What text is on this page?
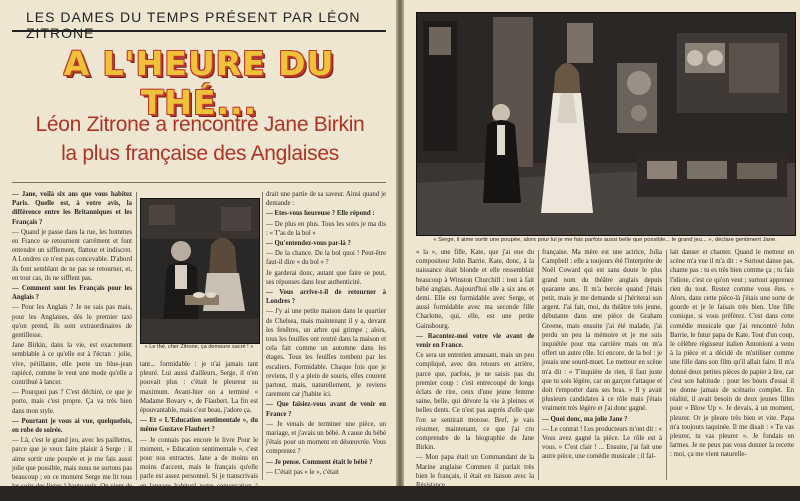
LES DAMES DU TEMPS PRÉSENT PAR LÉON ZITRONE
A L'HEURE DU THÉ...
Léon Zitrone a rencontré Jane Birkin
la plus française des Anglaises

— Jane, voilà six ans que vous habitez Paris. Quelle est, à votre avis, la différence entre les Britanniques et les Français ?

— Quand je passe dans la rue, les hommes en France se retournent carrément et font entendre un sifflement, flatteur et indiscret. A Londres ce n'est pas concevable. D'abord ils font semblant de ne pas se retourner, et, en tout cas, ils ne sifflent pas.

— Comment sont les Français pour les Anglais ?

— Pour les Anglais ? Je ne sais pas mais, pour les Anglaises, dès le premier taxi qu'on prend, ils sont extraordinaires de gentillesse.

Jane Birkin, dans la vie, est exactement semblable à ce qu'elle est à l'écran : jolie, vive, pétillante, elle porte un blue-jean rapiécé, comme le veut une mode qu'elle a contribué à lancer.

— Pourquoi pas ? C'est déchiré, ce que je porte, mais c'est propre. Ça va très bien dans mon style.

— Pourtant je vous ai vue, quelquefois, en robe de soirée.

— Là, c'est le grand jeu, avec les paillettes, parce que je veux faire plaisir à Serge : il aime sortir une poupée et je me fais aussi jolie que possible, mais nous ne sortons pas beaucoup ; en ce moment Serge me lit tous les soirs des livres à haute voix. On vient de terminer « Adolphe », de Benjamin Cons-

« Le thé, cher Zitrone, ça demeure sacré ! »

tant... formidable : je n'ai jamais tant pleuré. Lui aussi d'ailleurs, Serge, il n'en pouvait plus : c'était le pleureur su maximum. Avant-hier on a terminé « Madame Bovary », de Flaubert. La fin est épouvantable, mais c'est beau, j'adore ça.

— Et « L'Education sentimentale », du même Gustave Flaubert ?

— Je connais pas encore le livre Pour le moment, « Education sentimentale », c'est pour nos entractes. Jane a de moins en moins d'accent, mais le français qu'elle parle est assez personnel. Si je transcrivais en langage habituel notre conversation à bâtons rompus, elle per-

drait une partie de sa saveur. Ainsi quand je demande :

— Etes-vous heureuse ? Elle répond :

— De plus en plus. Tous les soirs je ma dis : « T'as de la bol »

— Qu'entendez-vous par-là ?

— De la chance. De la bol quoi ! Peut-être faut-il dire « du bol » ?

Je garderai donc, autant que faire se peut, ses réponses dans leur authenticité.

— Vous arrive-t-il de retourner à Londres ?

— J'y ai une petite maison dans le quartier de Chelsea, mais maintenant il y a, devant les fenêtres, un arbre qui grimpe ; alors, tous les feuilles ont rentré dans la maison et cela fait comme un automne dans les étages. Tous les feuilles tombent par les escaliers. Formidable. Chaque fois que je reviens, il y a plein de souris, elles courent partout, mais, naturellement, je reviens rarement car j'habite ici.

— Que faisiez-vous avant de venir en France ?

— Je venais de terminer une pièce, un mariage, et j'avais un bébé. A cause du bébé j'étais pour un moment en désœuvrée. Vous comprenez ?

— Je pense. Comment était le bébé ?

— C'était pas « le », c'était

« Serge, il aime sortir une poupée, alors pour lui je me fais parfois aussi belle que possible... le grand jeu... », déclare gentiment Jane.

« la », une fille, Kate, que j'ai eue du compositeur John Barrie. Kate, donc, à la naissance était blonde et elle ressemblait beaucoup à Winston Churchill : tout à fait bébé anglais. Aujourd'hui elle a six ans et demi. Elle est formidable avec Serge, et aussi formidable avec ma seconde fille Charlotte, qui, elle, est une petite Gainsbourg.

— Racontez-moi votre vie avant de venir en France.

Ce sera un entretien amusant, mais un peu compliqué, avec des retours en arrière, parce que, parfois, je ne saisis pas du premier coup : c'est entrecoupé de longs éclats de rire, ceux d'une jeune femme saine, belle, qui dévore la vie à pleines et belles dents. Ce n'est pas auprès d'elle que l'on se sentirait morose. Bref, je vais résumer, maintenant, ce que j'ai cru comprendre de la biographie de Jane Birkin.

— Mon papa était un Commandant de la Marine anglaise Commen il parlait très bien le français, il était en liaison avec la Résistance

française. Ma mère est une actrice, Julia Campbell : elle a toujours été l'interprète de Noël Coward qui est sans doute le plus grand nom du théâtre anglais depuis quarante ans. Il m'a bercée quand j'étais petit, mais je me demande si j'hériterai son argent. J'ai fait, moi, du théâtre très jeune, débutante dans une pièce de Graham Greene, mais ensuite j'ai été malade, j'ai perdu un peu la mémoire et je me suis inquiétée pour ma carrière mais on m'a offert un autre rôle. Ici encore, de la bol : je jouais une sourd-muet. Le metteur en scène m'a dit : « T'inquiète de rien, il faut juste que tu sois légère, car un garçon t'attaque et doit t'emporter dans ses bras. » Il y avait plusieurs candidates à ce rôle mais j'étais vraiment très légère et j'ai donc gagné.

— Quoi donc, ma jolie Jane ?

— Le contrat ! Les producteurs m'ont dit : « Vous avez gagné la pièce. Le rôle est à vous. » C'est clair ! ... Ensuite, j'ai fait une autre pièce, une comédie musicale ; il fal-

lait danser et chanter. Quand le metteur en scène m'a vue il m'a dit : « Surtout danse pas, chante pas : tu es très bien comme ça ; tu fais l'idiote, c'est ce qu'on veut ; surtout apprenez rien du tout. Restez comme vous êtes. » Alors, dans cette pièce-là j'étais une sorte de gourde et je le faisais très bien. Une fille comique, si vous préférez. C'est dans cette comédie musicale que j'ai rencontré John Barrie, le futur papa de Kate. Tout d'un coup, le célèbre régisseur italien Antonioni a venu à la pièce et a décidé de m'utiliser comme une fille dans son film qu'il allait faire. Il m'a donné deux petites pièces de papier à lire, car c'est son habitude : pour les bouts d'essai il ne donne jamais de scénario complet. En réalité, il avait besoin de deux jeunes filles pour « Blow Up ». Je devais, à un moment, pleurer. Or je pleure très bien et vite. Papa m'a toujours taquinée. Il me disait : « Tu vas pleurer, tu vas pleurer ». Je fondais en larmes. Je ne peux pas vous donner la recette : moi, ça me vient naturelle-
